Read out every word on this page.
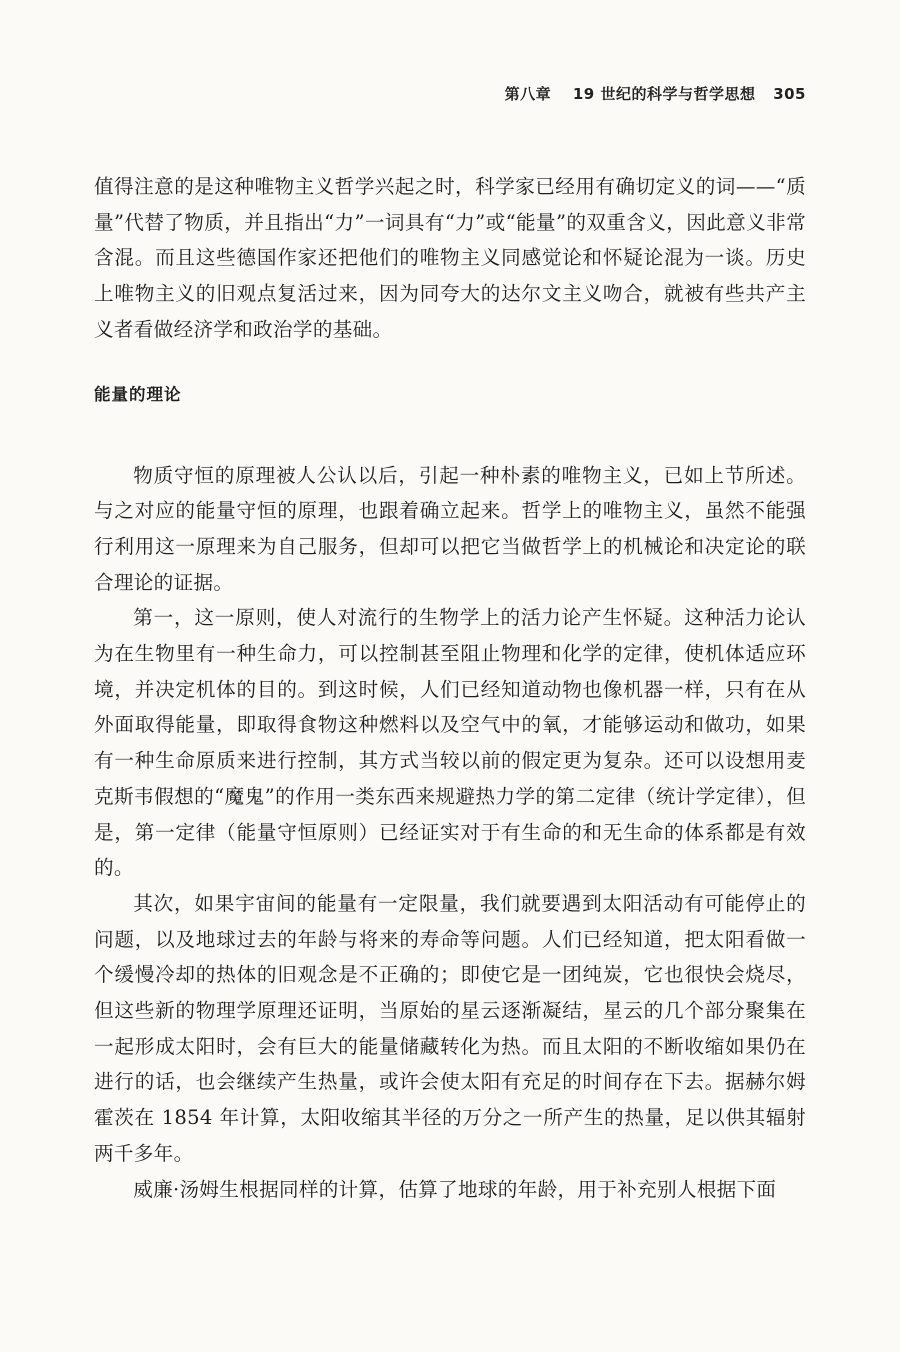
第八章 19 世纪的科学与哲学思想 305

值得注意的是这种唯物主义哲学兴起之时，科学家已经用有确切定义的词——“质量”代替了物质，并且指出“力”一词具有“力”或“能量”的双重含义，因此意义非常含混。而且这些德国作家还把他们的唯物主义同感觉论和怀疑论混为一谈。历史上唯物主义的旧观点复活过来，因为同夸大的达尔文主义吻合，就被有些共产主义者看做经济学和政治学的基础。

能量的理论

物质守恒的原理被人公认以后，引起一种朴素的唯物主义，已如上节所述。与之对应的能量守恒的原理，也跟着确立起来。哲学上的唯物主义，虽然不能强行利用这一原理来为自己服务，但却可以把它当做哲学上的机械论和决定论的联合理论的证据。

第一，这一原则，使人对流行的生物学上的活力论产生怀疑。这种活力论认为在生物里有一种生命力，可以控制甚至阻止物理和化学的定律，使机体适应环境，并决定机体的目的。到这时候，人们已经知道动物也像机器一样，只有在从外面取得能量，即取得食物这种燃料以及空气中的氧，才能够运动和做功，如果有一种生命原质来进行控制，其方式当较以前的假定更为复杂。还可以设想用麦克斯韦假想的“魔鬼”的作用一类东西来规避热力学的第二定律（统计学定律），但是，第一定律（能量守恒原则）已经证实对于有生命的和无生命的体系都是有效的。

其次，如果宇宙间的能量有一定限量，我们就要遇到太阳活动有可能停止的问题，以及地球过去的年龄与将来的寿命等问题。人们已经知道，把太阳看做一个缓慢冷却的热体的旧观念是不正确的；即使它是一团纯炭，它也很快会烧尽，但这些新的物理学原理还证明，当原始的星云逐渐凝结，星云的几个部分聚集在一起形成太阳时，会有巨大的能量储藏转化为热。而且太阳的不断收缩如果仍在进行的话，也会继续产生热量，或许会使太阳有充足的时间存在下去。据赫尔姆霍茨在 1854 年计算，太阳收缩其半径的万分之一所产生的热量，足以供其辐射两千多年。

威廉·汤姆生根据同样的计算，估算了地球的年龄，用于补充别人根据下面
